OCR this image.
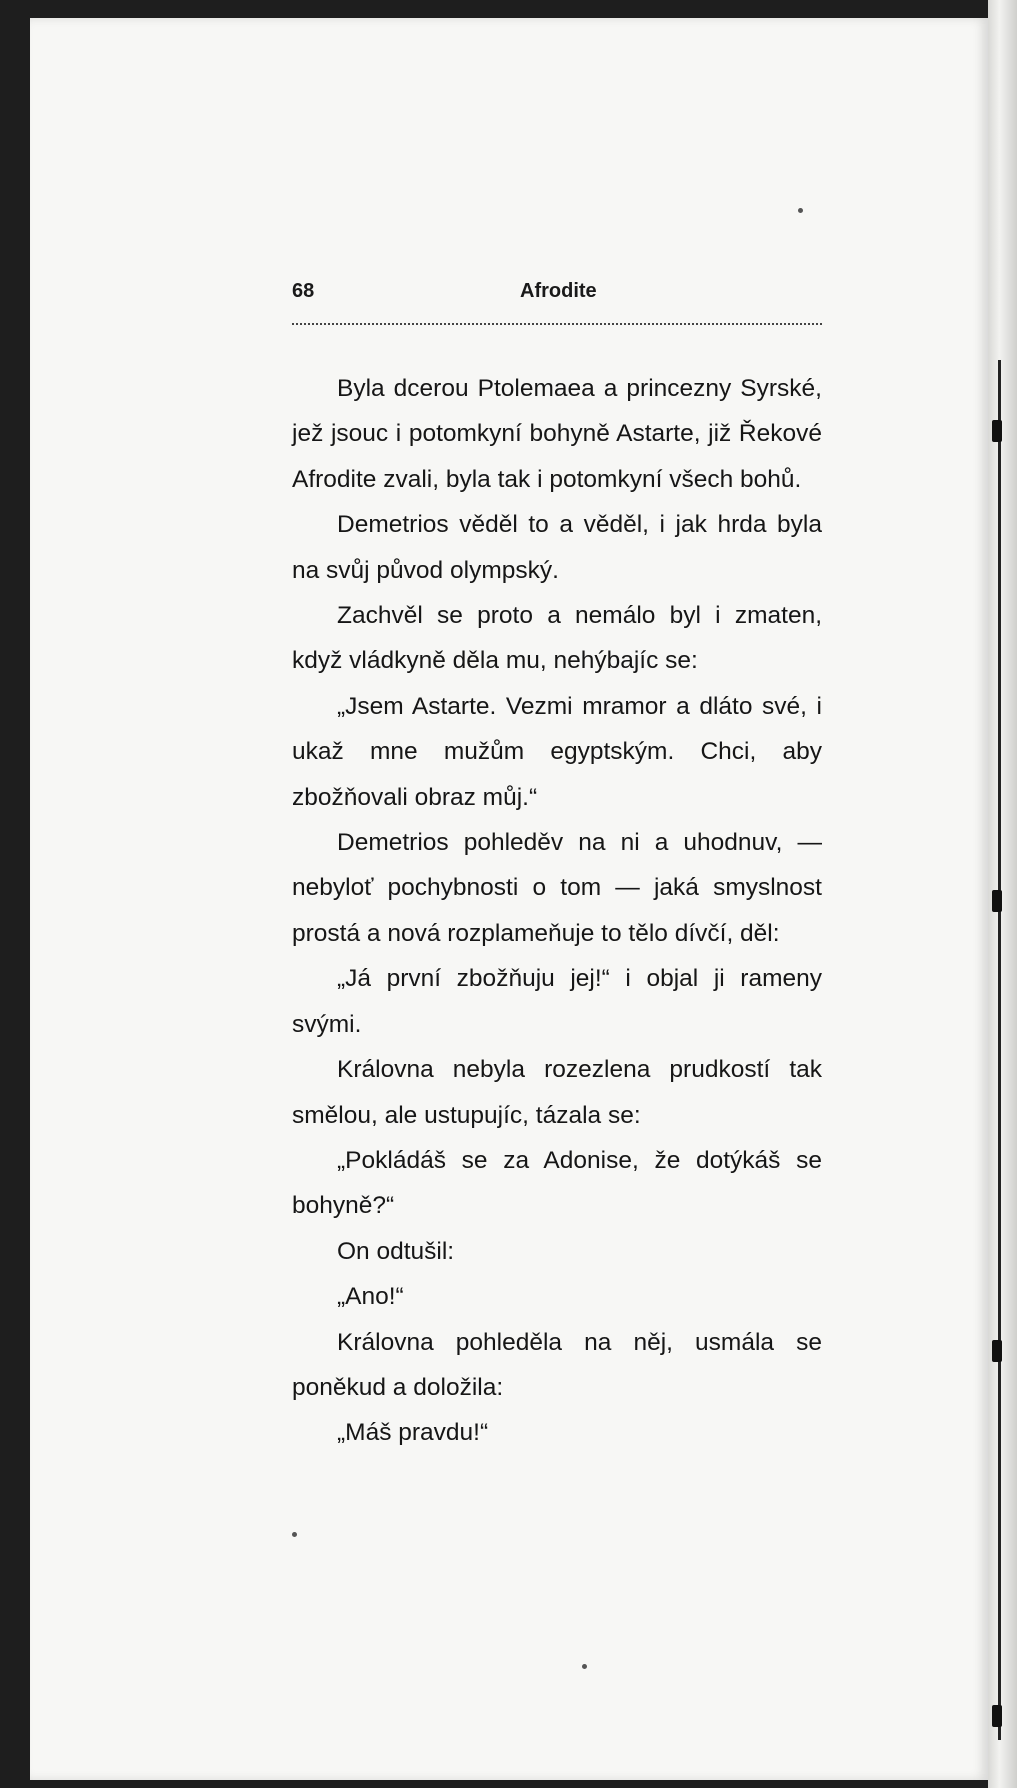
68	Afrodite

Byla dcerou Ptolemaea a princezny Syrské, jež jsouc i potomkyní bohyně Astarte, již Řekové Afrodite zvali, byla tak i potomkyní všech bohů.

Demetrios věděl to a věděl, i jak hrda byla na svůj původ olympský.

Zachvěl se proto a nemálo byl i zmaten, když vládkyně děla mu, nehýbajíc se:

„Jsem Astarte. Vezmi mramor a dláto své, i ukaž mne mužům egyptským. Chci, aby zbožňovali obraz můj.“

Demetrios pohleděv na ni a uhodnuv, — nebyloť pochybnosti o tom — jaká smyslnost prostá a nová rozplameňuje to tělo dívčí, děl:

„Já první zbožňuju jej!“ i objal ji rameny svými.

Královna nebyla rozezlena prudkostí tak smělou, ale ustupujíc, tázala se:

„Pokládáš se za Adonise, že dotýkáš se bohyně?“

On odtušil:

„Ano!“

Královna pohleděla na něj, usmála se poněkud a doložila:

„Máš pravdu!“
